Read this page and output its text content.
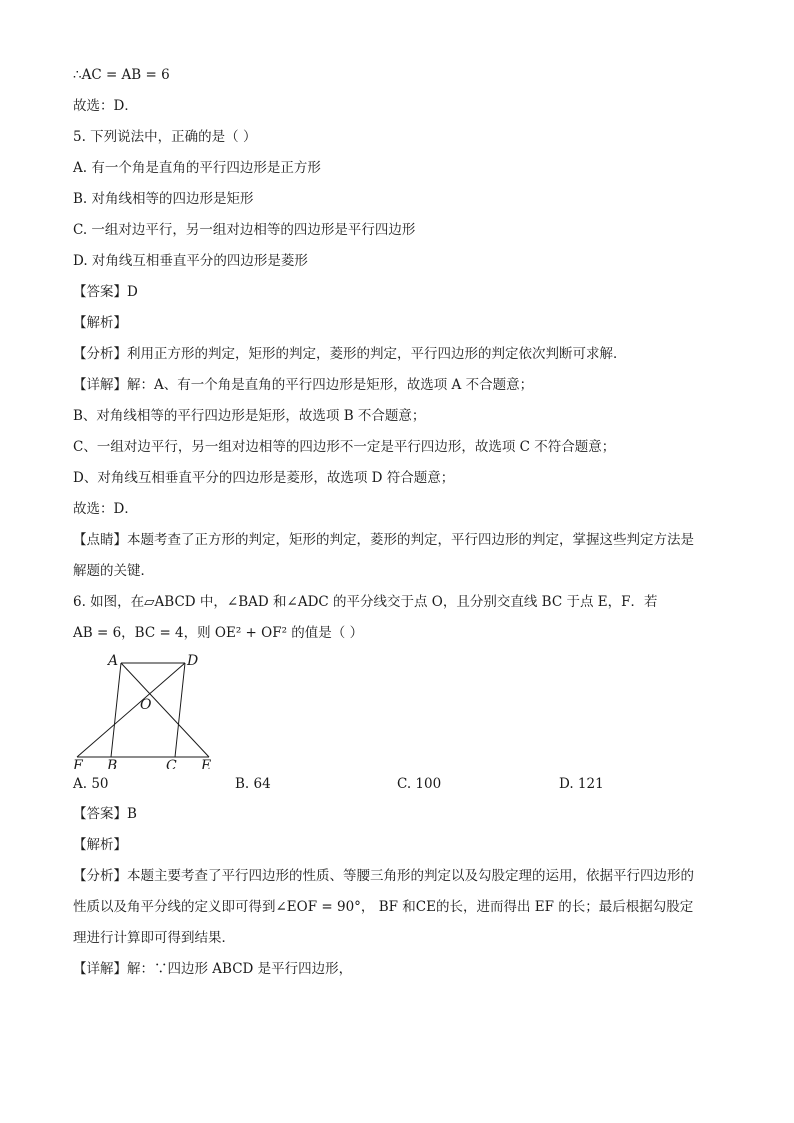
∴AC = AB = 6
故选：D．
5. 下列说法中，正确的是（ ）
A. 有一个角是直角的平行四边形是正方形
B. 对角线相等的四边形是矩形
C. 一组对边平行，另一组对边相等的四边形是平行四边形
D. 对角线互相垂直平分的四边形是菱形
【答案】D
【解析】
【分析】利用正方形的判定，矩形的判定，菱形的判定，平行四边形的判定依次判断可求解．
【详解】解：A、有一个角是直角的平行四边形是矩形，故选项 A 不合题意；
B、对角线相等的平行四边形是矩形，故选项 B 不合题意；
C、一组对边平行，另一组对边相等的四边形不一定是平行四边形，故选项 C 不符合题意；
D、对角线互相垂直平分的四边形是菱形，故选项 D 符合题意；
故选：D．
【点睛】本题考查了正方形的判定，矩形的判定，菱形的判定，平行四边形的判定，掌握这些判定方法是
解题的关键．
6. 如图，在▱ABCD 中，∠BAD 和∠ADC 的平分线交于点 O，且分别交直线 BC 于点 E，F．若
AB = 6，BC = 4，则 OE² + OF² 的值是（ ）
A	D
O
F B	C E
A. 50	B. 64	C. 100	D. 121
【答案】B
【解析】
【分析】本题主要考查了平行四边形的性质、等腰三角形的判定以及勾股定理的运用，依据平行四边形的
性质以及角平分线的定义即可得到∠EOF = 90°， BF 和CE的长，进而得出 EF 的长；最后根据勾股定
理进行计算即可得到结果．
【详解】解：∵四边形 ABCD 是平行四边形，
